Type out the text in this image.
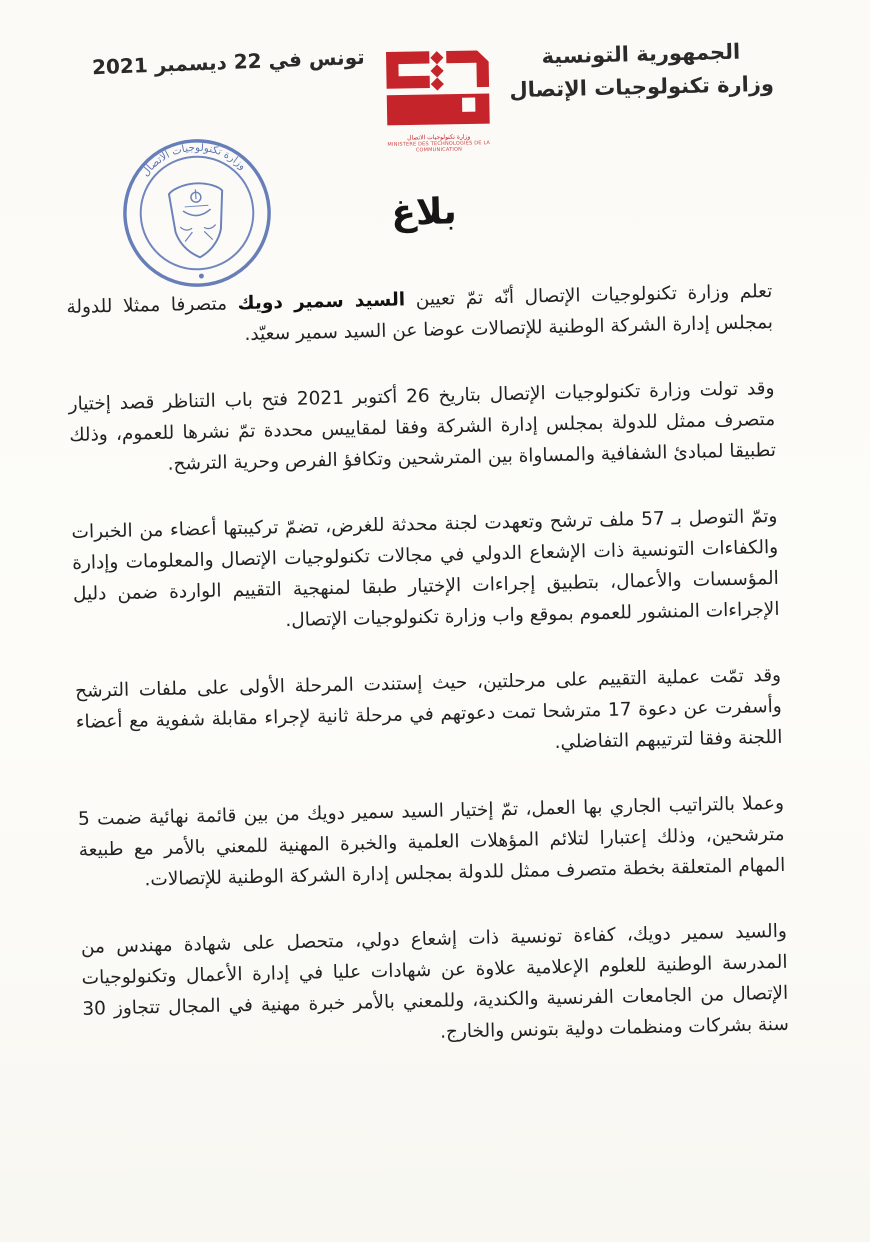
الجمهورية التونسية
وزارة تكنولوجيات الإتصال
تونس في 22 ديسمبر 2021
وزارة تكنولوجيات الاتصال
MINISTERE DES TECHNOLOGIES DE LA COMMUNICATION
وزارة تكنولوجيات الاتصال
بلاغ

تعلم وزارة تكنولوجيات الإتصال أنّه تمّ تعيين السيد سمير دويك متصرفا ممثلا للدولة بمجلس إدارة الشركة الوطنية للإتصالات عوضا عن السيد سمير سعيّد.

وقد تولت وزارة تكنولوجيات الإتصال بتاريخ 26 أكتوبر 2021 فتح باب التناظر قصد إختيار متصرف ممثل للدولة بمجلس إدارة الشركة وفقا لمقاييس محددة تمّ نشرها للعموم، وذلك تطبيقا لمبادئ الشفافية والمساواة بين المترشحين وتكافؤ الفرص وحرية الترشح.

وتمّ التوصل بـ 57 ملف ترشح وتعهدت لجنة محدثة للغرض، تضمّ تركيبتها أعضاء من الخبرات والكفاءات التونسية ذات الإشعاع الدولي في مجالات تكنولوجيات الإتصال والمعلومات وإدارة المؤسسات والأعمال، بتطبيق إجراءات الإختيار طبقا لمنهجية التقييم الواردة ضمن دليل الإجراءات المنشور للعموم بموقع واب وزارة تكنولوجيات الإتصال.

وقد تمّت عملية التقييم على مرحلتين، حيث إستندت المرحلة الأولى على ملفات الترشح وأسفرت عن دعوة 17 مترشحا تمت دعوتهم في مرحلة ثانية لإجراء مقابلة شفوية مع أعضاء اللجنة وفقا لترتيبهم التفاضلي.

وعملا بالتراتيب الجاري بها العمل، تمّ إختيار السيد سمير دويك من بين قائمة نهائية ضمت 5 مترشحين، وذلك إعتبارا لتلائم المؤهلات العلمية والخبرة المهنية للمعني بالأمر مع طبيعة المهام المتعلقة بخطة متصرف ممثل للدولة بمجلس إدارة الشركة الوطنية للإتصالات.

والسيد سمير دويك، كفاءة تونسية ذات إشعاع دولي، متحصل على شهادة مهندس من المدرسة الوطنية للعلوم الإعلامية علاوة عن شهادات عليا في إدارة الأعمال وتكنولوجيات الإتصال من الجامعات الفرنسية والكندية، وللمعني بالأمر خبرة مهنية في المجال تتجاوز 30 سنة بشركات ومنظمات دولية بتونس والخارج.
